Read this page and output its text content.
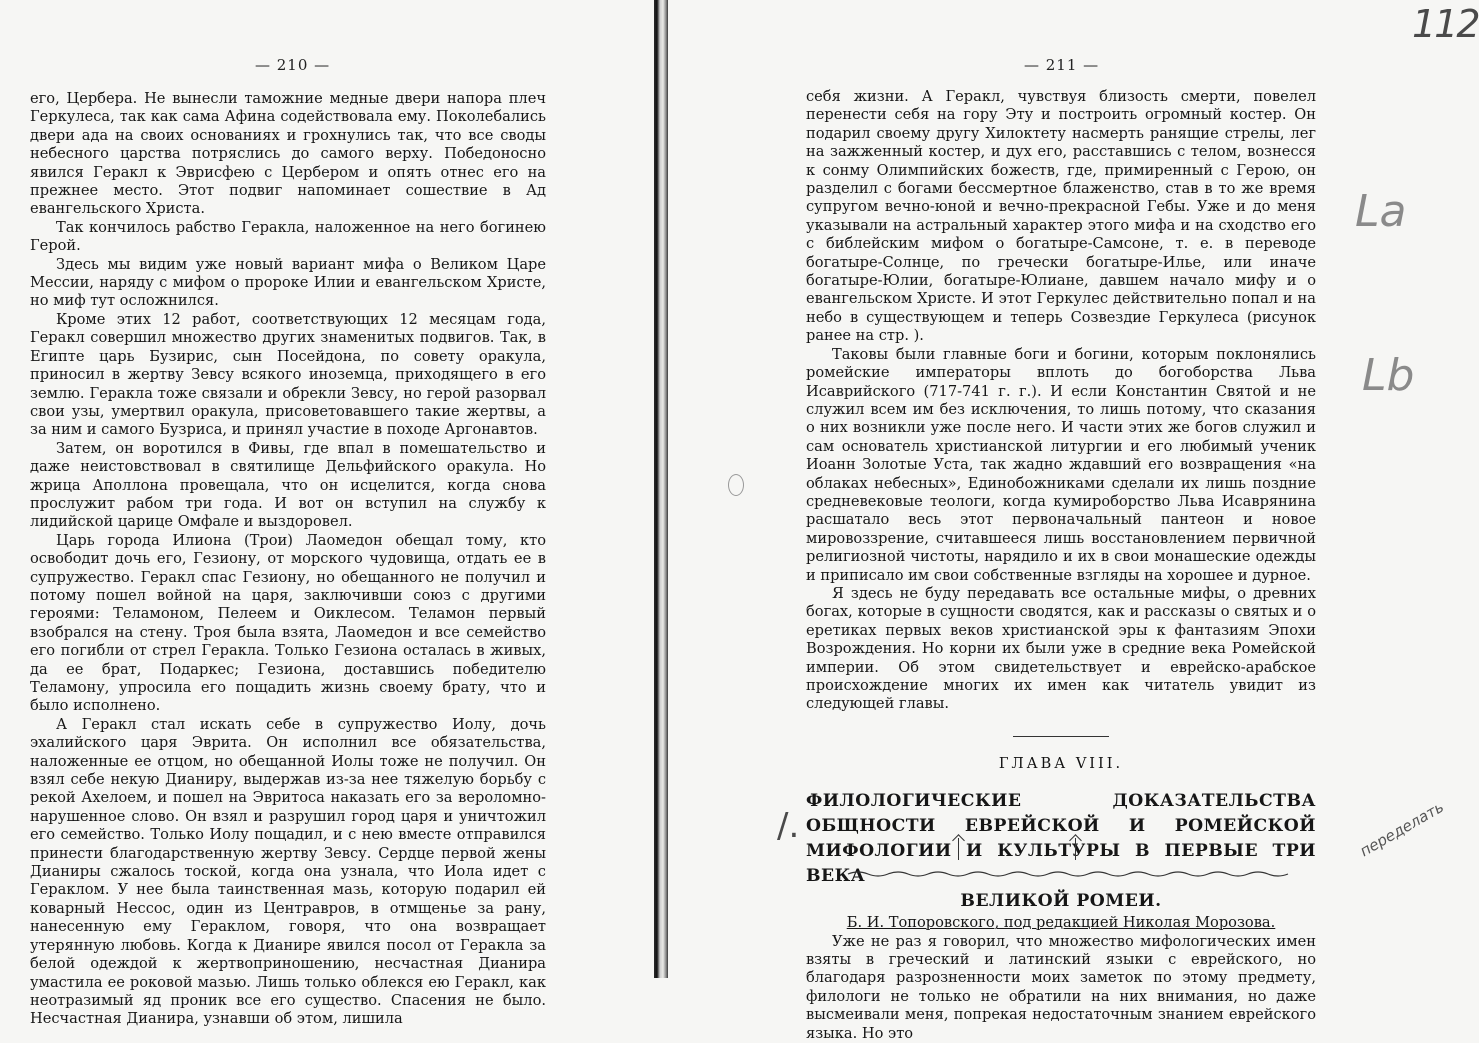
— 210 —

его, Цербера. Не вынесли таможние медные двери напора плеч Геркулеса, так как сама Афина содействовала ему. Поколебались двери ада на своих основаниях и грохнулись так, что все своды небесного царства потряслись до самого верху. Победоносно явился Геракл к Эврисфею с Цербером и опять отнес его на прежнее место. Этот подвиг напоминает сошествие в Ад евангельского Христа.

Так кончилось рабство Геракла, наложенное на него богинею Герой.

Здесь мы видим уже новый вариант мифа о Великом Царе Мессии, наряду с мифом о пророке Илии и евангельском Христе, но миф тут осложнился.

Кроме этих 12 работ, соответствующих 12 месяцам года, Геракл совершил множество других знаменитых подвигов. Так, в Египте царь Бузирис, сын Посейдона, по совету оракула, приносил в жертву Зевсу всякого иноземца, приходящего в его землю. Геракла тоже связали и обрекли Зевсу, но герой разорвал свои узы, умертвил оракула, присоветовавшего такие жертвы, а за ним и самого Бузриса, и принял участие в походе Аргонавтов.

Затем, он воротился в Фивы, где впал в помешательство и даже неистовствовал в святилище Дельфийского оракула. Но жрица Аполлона провещала, что он исцелится, когда снова прослужит рабом три года. И вот он вступил на службу к лидийской царице Омфале и выздоровел.

Царь города Илиона (Трои) Лаомедон обещал тому, кто освободит дочь его, Гезиону, от морского чудовища, отдать ее в супружество. Геракл спас Гезиону, но обещанного не получил и потому пошел войной на царя, заключивши союз с другими героями: Теламоном, Пелеем и Оиклесом. Теламон первый взобрался на стену. Троя была взята, Лаомедон и все семейство его погибли от стрел Геракла. Только Гезиона осталась в живых, да ее брат, Подаркес; Гезиона, доставшись победителю Теламону, упросила его пощадить жизнь своему брату, что и было исполнено.

А Геракл стал искать себе в супружество Иолу, дочь эхалийского царя Эврита. Он исполнил все обязательства, наложенные ее отцом, но обещанной Иолы тоже не получил. Он взял себе некую Дианиру, выдержав из-за нее тяжелую борьбу с рекой Ахелоем, и пошел на Эвритоса наказать его за вероломно-нарушенное слово. Он взял и разрушил город царя и уничтожил его семейство. Только Иолу пощадил, и с нею вместе отправился принести благодарственную жертву Зевсу. Сердце первой жены Дианиры сжалось тоской, когда она узнала, что Иола идет с Гераклом. У нее была таинственная мазь, которую подарил ей коварный Нессос, один из Центравров, в отмщенье за рану, нанесенную ему Гераклом, говоря, что она возвращает утерянную любовь. Когда к Дианире явился посол от Геракла за белой одеждой к жертвоприношению, несчастная Дианира умастила ее роковой мазью. Лишь только облекся ею Геракл, как неотразимый яд проник все его существо. Спасения не было. Несчастная Дианира, узнавши об этом, лишила

— 211 —

себя жизни. А Геракл, чувствуя близость смерти, повелел перенести себя на гору Эту и построить огромный костер. Он подарил своему другу Хилоктету насмерть ранящие стрелы, лег на зажженный костер, и дух его, расставшись с телом, вознесся к сонму Олимпийских божеств, где, примиренный с Герою, он разделил с богами бессмертное блаженство, став в то же время супругом вечно-юной и вечно-прекрасной Гебы. Уже и до меня указывали на астральный характер этого мифа и на сходство его с библейским мифом о богатыре-Самсоне, т. е. в переводе богатыре-Солнце, по гречески богатыре-Илье, или иначе богатыре-Юлии, богатыре-Юлиане, давшем начало мифу и о евангельском Христе. И этот Геркулес действительно попал и на небо в существующем и теперь Созвездие Геркулеса (рисунок ранее на стр. ).

Таковы были главные боги и богини, которым поклонялись ромейские императоры вплоть до богоборства Льва Исаврийского (717-741 г. г.). И если Константин Святой и не служил всем им без исключения, то лишь потому, что сказания о них возникли уже после него. И части этих же богов служил и сам основатель христианской литургии и его любимый ученик Иоанн Золотые Уста, так жадно ждавший его возвращения «на облаках небесных», Единобожниками сделали их лишь поздние средневековые теологи, когда кумироборство Льва Исаврянина расшатало весь этот первоначальный пантеон и новое мировоззрение, считавшееся лишь восстановлением первичной религиозной чистоты, нарядило и их в свои монашеские одежды и приписало им свои собственные взгляды на хорошее и дурное.

Я здесь не буду передавать все остальные мифы, о древних богах, которые в сущности сводятся, как и рассказы о святых и о еретиках первых веков христианской эры к фантазиям Эпохи Возрождения. Но корни их были уже в средние века Ромейской империи. Об этом свидетельствует и еврейско-арабское происхождение многих их имен как читатель увидит из следующей главы.

ГЛАВА VIII.
ФИЛОЛОГИЧЕСКИЕ ДОКАЗАТЕЛЬСТВА ОБЩНОСТИ ЕВРЕЙСКОЙ И РОМЕЙСКОЙ МИФОЛОГИИ И КУЛЬТУРЫ В ПЕРВЫЕ ТРИ ВЕКА
ВЕЛИКОЙ РОМЕИ.

Б. И. Топоровского, под редакцией Николая Морозова.

Уже не раз я говорил, что множество мифологических имен взяты в греческий и латинский языки с еврейского, но благодаря разрозненности моих заметок по этому предмету, филологи не только не обратили на них внимания, но даже высмеивали меня, попрекая недостаточным знанием еврейского языка. Но это

112
La
Lb
/.	переделать
